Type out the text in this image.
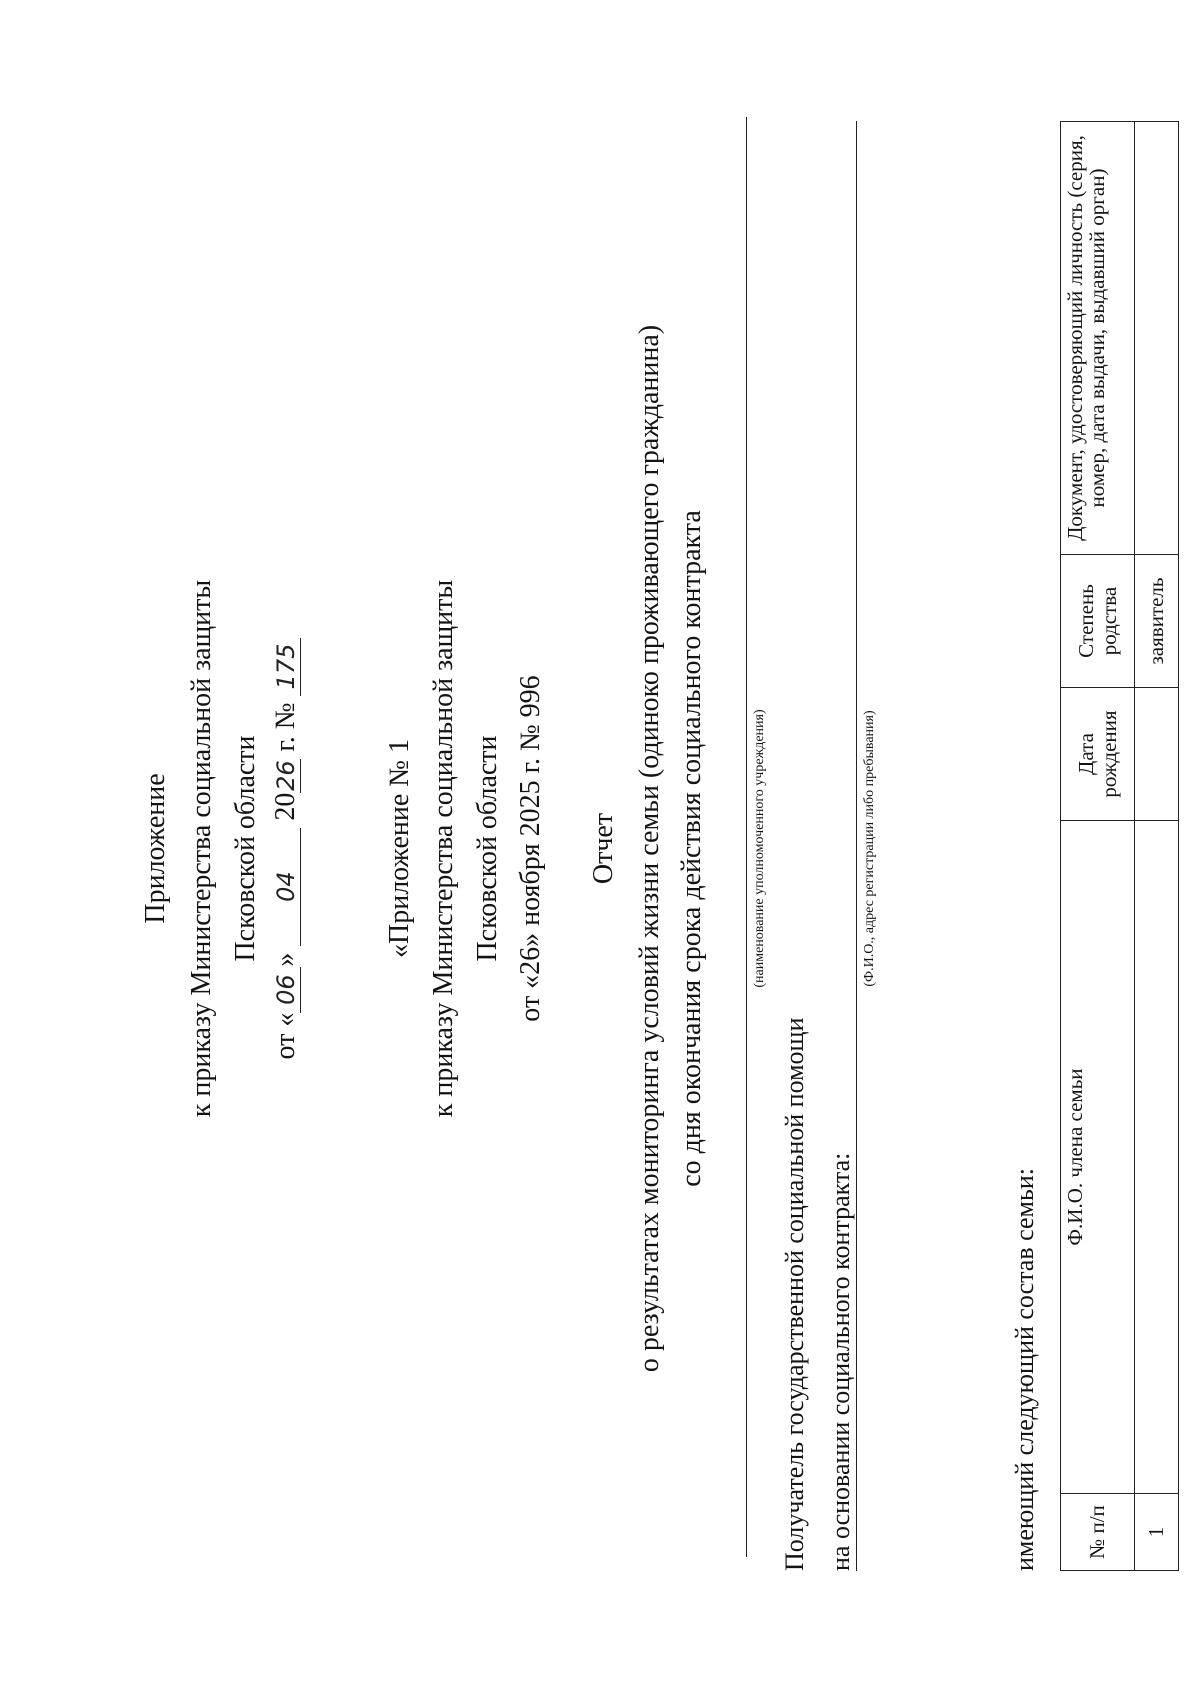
Приложение к приказу Министерства социальной защиты Псковской области
от «06» 04 2026 г. № 175
«Приложение № 1 к приказу Министерства социальной защиты Псковской области от «26» ноября 2025 г. № 996 Отчет о результатах мониторинга условий жизни семьи (одиноко проживающего гражданина) со дня окончания срока действия социального контракта	(наименование уполномоченного учреждения)
Получатель государственной социальной помощи на основании социального контракта:
(Ф.И.О., адрес регистрации либо пребывания)
имеющий следующий состав семьи: № п/п	Ф.И.О. члена семьи	Дата рождения	Степень родства	Документ, удостоверяющий личность (серия, номер, дата выдачи, выдавший орган)
1			заявитель	
